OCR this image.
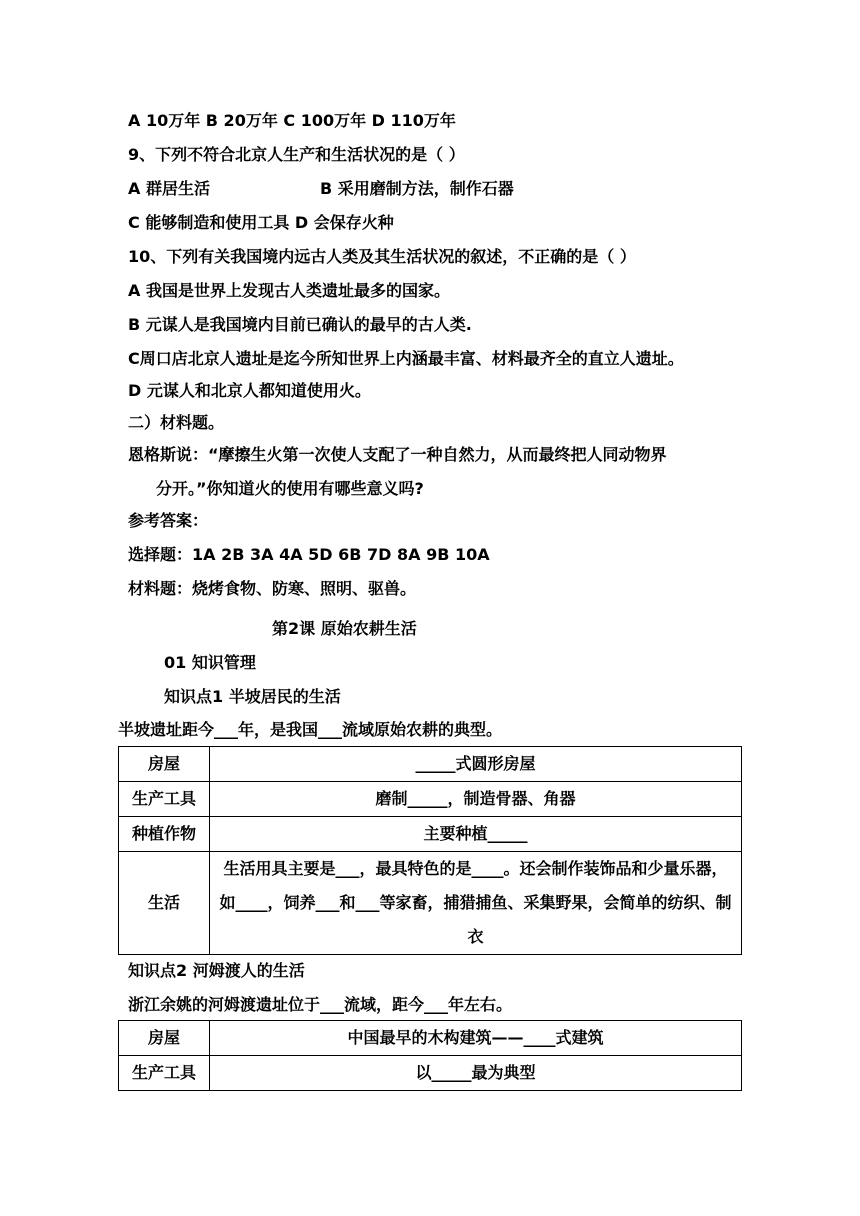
A 10万年 B 20万年 C 100万年 D 110万年
9、下列不符合北京人生产和生活状况的是（ ）
A 群居生活	B 采用磨制方法，制作石器
C 能够制造和使用工具 D 会保存火种
10、下列有关我国境内远古人类及其生活状况的叙述，不正确的是（ ）
A 我国是世界上发现古人类遗址最多的国家。
B 元谋人是我国境内目前已确认的最早的古人类.
C周口店北京人遗址是迄今所知世界上内涵最丰富、材料最齐全的直立人遗址。
D 元谋人和北京人都知道使用火。
二）材料题。
恩格斯说：“摩擦生火第一次使人支配了一种自然力，从而最终把人同动物界
分开。”你知道火的使用有哪些意义吗?
参考答案：
选择题：1A 2B 3A 4A 5D 6B 7D 8A 9B 10A
材料题：烧烤食物、防寒、照明、驱兽。
第2课 原始农耕生活
01 知识管理
知识点1 半坡居民的生活
半坡遗址距今___年，是我国___流域原始农耕的典型。
房屋	_____式圆形房屋
生产工具	磨制_____，制造骨器、角器
种植作物	主要种植_____
生活	生活用具主要是___，最具特色的是____。还会制作装饰品和少量乐器，如____，饲养___和___等家畜，捕猎捕鱼、采集野果，会简单的纺织、制衣
知识点2 河姆渡人的生活
浙江余姚的河姆渡遗址位于___流域，距今___年左右。
房屋	中国最早的木构建筑——____式建筑
生产工具	以_____最为典型
